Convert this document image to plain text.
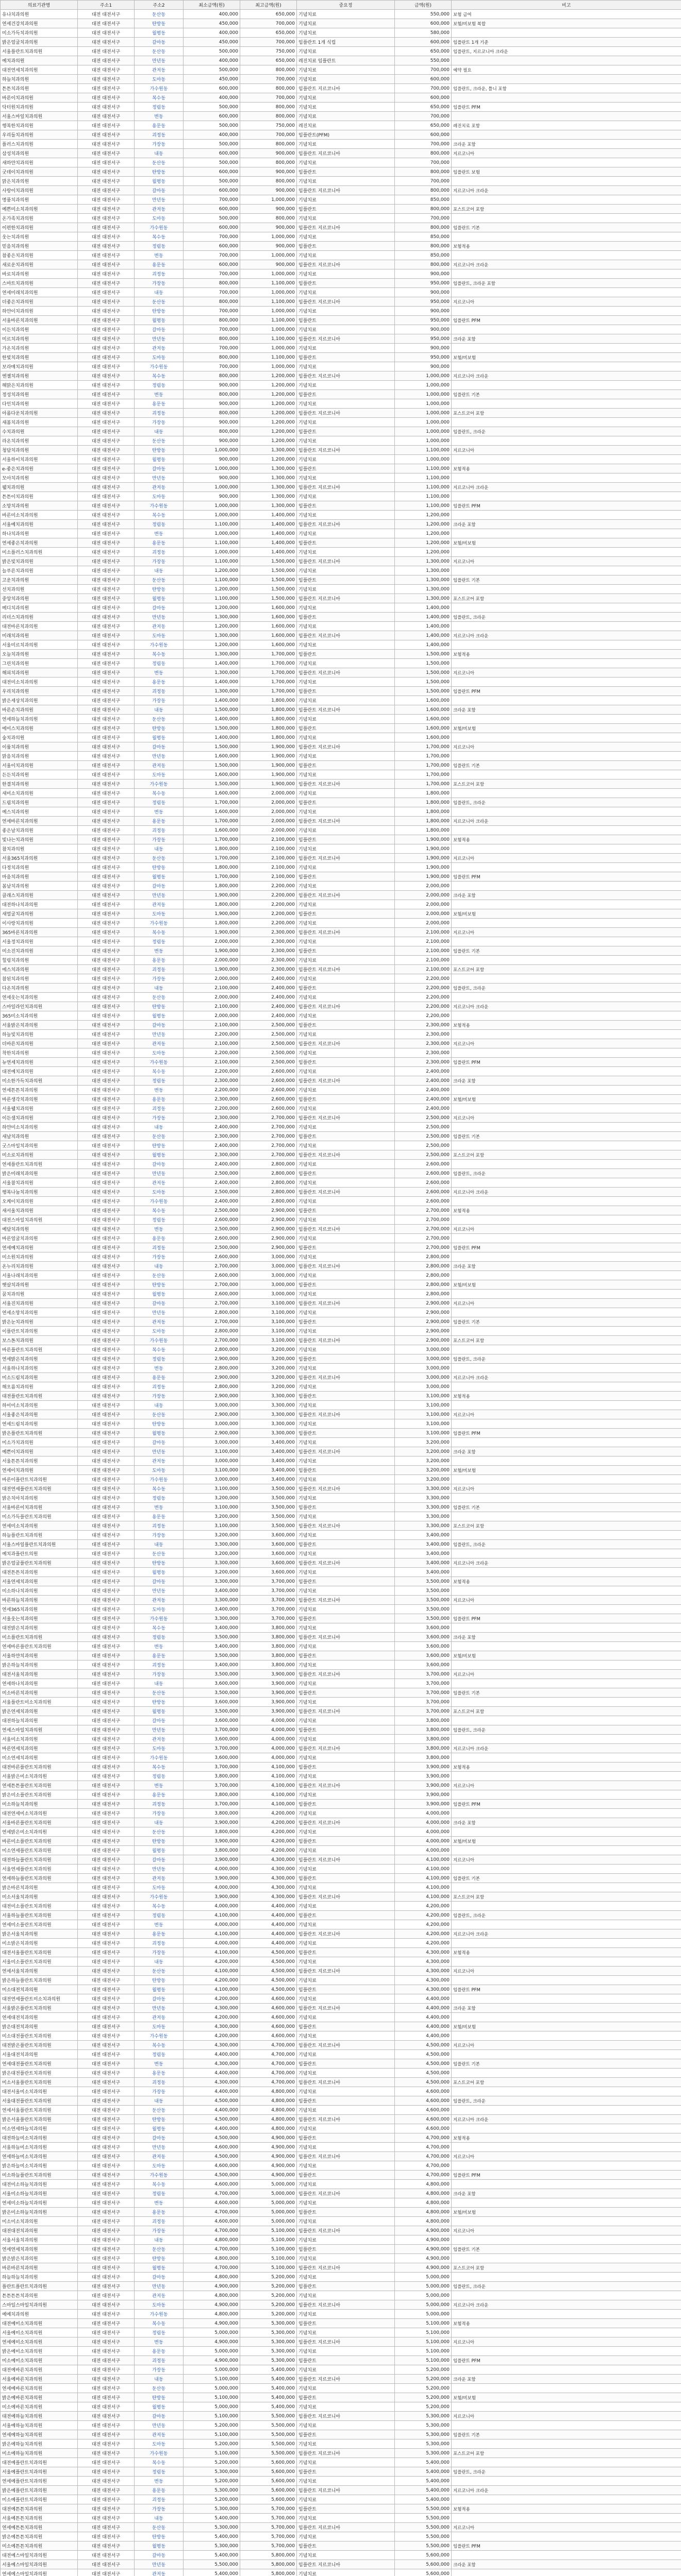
의료기관명	주소1	주소2	최소금액(원)	최고금액(원)	중요정	금액(원)	비고
유나치과의원	대전 대전서구	둔산동	400,000	650,000	기념치료	550,000	보험 급여
연세건강치과의원	대전 대전서구	탄방동	450,000	700,000	기념치료	600,000	보험/비보험 복합
미소가득치과의원	대전 대전서구	월평동	400,000	650,000	기념치료	580,000	
밝은얼굴치과의원	대전 대전서구	갈마동	450,000	700,000	임플란트 1개 식립	600,000	임플란트 1개 기준
서울플란트치과의원	대전 대전서구	둔산동	500,000	750,000	기념치료	650,000	임플란트, 지르코니아 크라운
예치과의원	대전 대전서구	만년동	400,000	650,000	레진치료 임플란트	550,000	
대전연세치과의원	대전 대전서구	관저동	500,000	800,000	기념치료	700,000	예약 필요
하늘치과의원	대전 대전서구	도마동	450,000	700,000	기념치료	600,000	
튼튼치과의원	대전 대전서구	가수원동	600,000	800,000	임플란트 지르코니아	700,000	임플란트, 크라운, 틀니 포함
바른이치과의원	대전 대전서구	복수동	400,000	700,000	기념치료	600,000	
닥터원치과의원	대전 대전서구	정림동	500,000	800,000	기념치료	650,000	임플란트 PFM
서울스마일치과의원	대전 대전서구	변동	600,000	800,000	기념치료	700,000	
행복한치과의원	대전 대전서구	용문동	500,000	750,000	레진치료	650,000	레진치료 포함
우리들치과의원	대전 대전서구	괴정동	400,000	700,000	임플란트(PFM)	600,000	
플러스치과의원	대전 대전서구	가장동	500,000	800,000	기념치료	700,000	크라운 포함
삼성치과의원	대전 대전서구	내동	600,000	900,000	임플란트 지르코니아	800,000	지르코니아
새하얀치과의원	대전 대전서구	둔산동	500,000	800,000	기념치료	700,000	
굿데이치과의원	대전 대전서구	탄방동	600,000	900,000	임플란트	800,000	임플란트 보험
맑은치과의원	대전 대전서구	월평동	500,000	800,000	기념치료	700,000	
사랑이치과의원	대전 대전서구	갈마동	600,000	900,000	임플란트 지르코니아	800,000	지르코니아 크라운
명품치과의원	대전 대전서구	만년동	700,000	1,000,000	기념치료	850,000	
예쁜미소치과의원	대전 대전서구	관저동	600,000	900,000	임플란트	800,000	포스트코어 포함
온가족치과의원	대전 대전서구	도마동	500,000	800,000	기념치료	700,000	
이편한치과의원	대전 대전서구	가수원동	600,000	900,000	임플란트 지르코니아	800,000	임플란트 기본
웃는치과의원	대전 대전서구	복수동	700,000	1,000,000	기념치료	850,000	
믿음치과의원	대전 대전서구	정림동	600,000	900,000	임플란트	800,000	보험적용
참좋은치과의원	대전 대전서구	변동	700,000	1,000,000	기념치료	850,000	
새로운치과의원	대전 대전서구	용문동	600,000	900,000	임플란트 지르코니아	800,000	지르코니아 크라운
바로치과의원	대전 대전서구	괴정동	700,000	1,000,000	기념치료	900,000	
스마트치과의원	대전 대전서구	가장동	800,000	1,100,000	임플란트	950,000	임플란트, 크라운 포함
연세미래치과의원	대전 대전서구	내동	700,000	1,000,000	기념치료	900,000	
더좋은치과의원	대전 대전서구	둔산동	800,000	1,100,000	임플란트 지르코니아	950,000	지르코니아
하얀이치과의원	대전 대전서구	탄방동	700,000	1,000,000	기념치료	900,000	
서울바른치과의원	대전 대전서구	월평동	800,000	1,100,000	임플란트	950,000	임플란트 PFM
이든치과의원	대전 대전서구	갈마동	700,000	1,000,000	기념치료	900,000	
미르치과의원	대전 대전서구	만년동	800,000	1,100,000	임플란트 지르코니아	950,000	크라운 포함
가온치과의원	대전 대전서구	관저동	700,000	1,000,000	기념치료	900,000	
한빛치과의원	대전 대전서구	도마동	800,000	1,100,000	임플란트	950,000	보험/비보험
보라매치과의원	대전 대전서구	가수원동	700,000	1,000,000	기념치료	900,000	
엔젤치과의원	대전 대전서구	복수동	800,000	1,200,000	임플란트 지르코니아	1,000,000	지르코니아 크라운
해맑은치과의원	대전 대전서구	정림동	900,000	1,200,000	기념치료	1,000,000	
정성치과의원	대전 대전서구	변동	800,000	1,200,000	임플란트	1,000,000	임플란트 기본
다인치과의원	대전 대전서구	용문동	900,000	1,200,000	기념치료	1,000,000	
아름다운치과의원	대전 대전서구	괴정동	800,000	1,200,000	임플란트 지르코니아	1,000,000	포스트코어 포함
새봄치과의원	대전 대전서구	가장동	900,000	1,200,000	기념치료	1,000,000	
수치과의원	대전 대전서구	내동	800,000	1,200,000	임플란트	1,000,000	임플란트, 크라운
라온치과의원	대전 대전서구	둔산동	900,000	1,200,000	기념치료	1,000,000	
청담치과의원	대전 대전서구	탄방동	1,000,000	1,300,000	임플란트 지르코니아	1,100,000	지르코니아
서울하이치과의원	대전 대전서구	월평동	900,000	1,200,000	기념치료	1,000,000	
e-좋은치과의원	대전 대전서구	갈마동	1,000,000	1,300,000	임플란트	1,100,000	보험적용
모아치과의원	대전 대전서구	만년동	900,000	1,300,000	기념치료	1,100,000	
웰치과의원	대전 대전서구	관저동	1,000,000	1,300,000	임플란트 지르코니아	1,100,000	지르코니아 크라운
튼튼이치과의원	대전 대전서구	도마동	900,000	1,300,000	기념치료	1,100,000	
소망치과의원	대전 대전서구	가수원동	1,000,000	1,300,000	임플란트	1,100,000	임플란트 PFM
바른미소치과의원	대전 대전서구	복수동	1,000,000	1,400,000	기념치료	1,200,000	
서울예치과의원	대전 대전서구	정림동	1,100,000	1,400,000	임플란트 지르코니아	1,200,000	크라운 포함
하나치과의원	대전 대전서구	변동	1,000,000	1,400,000	기념치료	1,200,000	
연세좋은치과의원	대전 대전서구	용문동	1,100,000	1,400,000	임플란트	1,200,000	보험/비보험
미소플러스치과의원	대전 대전서구	괴정동	1,000,000	1,400,000	기념치료	1,200,000	
밝은빛치과의원	대전 대전서구	가장동	1,100,000	1,500,000	임플란트 지르코니아	1,300,000	지르코니아
늘푸른치과의원	대전 대전서구	내동	1,200,000	1,500,000	기념치료	1,300,000	
고운치과의원	대전 대전서구	둔산동	1,100,000	1,500,000	임플란트	1,300,000	임플란트 기본
선치과의원	대전 대전서구	탄방동	1,200,000	1,500,000	기념치료	1,300,000	
중앙치과의원	대전 대전서구	월평동	1,100,000	1,500,000	임플란트 지르코니아	1,300,000	포스트코어 포함
메디치과의원	대전 대전서구	갈마동	1,200,000	1,600,000	기념치료	1,400,000	
리더스치과의원	대전 대전서구	만년동	1,300,000	1,600,000	임플란트	1,400,000	임플란트, 크라운
대전바른치과의원	대전 대전서구	관저동	1,200,000	1,600,000	기념치료	1,400,000	
미래치과의원	대전 대전서구	도마동	1,300,000	1,600,000	임플란트 지르코니아	1,400,000	지르코니아 크라운
서울미르치과의원	대전 대전서구	가수원동	1,200,000	1,600,000	기념치료	1,400,000	
오늘치과의원	대전 대전서구	복수동	1,300,000	1,700,000	임플란트	1,500,000	보험적용
그린치과의원	대전 대전서구	정림동	1,400,000	1,700,000	기념치료	1,500,000	
해피치과의원	대전 대전서구	변동	1,300,000	1,700,000	임플란트 지르코니아	1,500,000	지르코니아
대전미소치과의원	대전 대전서구	용문동	1,400,000	1,700,000	기념치료	1,500,000	
우리치과의원	대전 대전서구	괴정동	1,300,000	1,700,000	임플란트	1,500,000	임플란트 PFM
밝은세상치과의원	대전 대전서구	가장동	1,400,000	1,800,000	기념치료	1,600,000	
바른손치과의원	대전 대전서구	내동	1,500,000	1,800,000	임플란트 지르코니아	1,600,000	크라운 포함
연세하늘치과의원	대전 대전서구	둔산동	1,400,000	1,800,000	기념치료	1,600,000	
에이스치과의원	대전 대전서구	탄방동	1,500,000	1,800,000	임플란트	1,600,000	보험/비보험
숲치과의원	대전 대전서구	월평동	1,400,000	1,800,000	기념치료	1,600,000	
이룸치과의원	대전 대전서구	갈마동	1,500,000	1,900,000	임플란트 지르코니아	1,700,000	지르코니아
맑음치과의원	대전 대전서구	만년동	1,600,000	1,900,000	기념치료	1,700,000	
서울이치과의원	대전 대전서구	관저동	1,500,000	1,900,000	임플란트	1,700,000	임플란트 기본
든든치과의원	대전 대전서구	도마동	1,600,000	1,900,000	기념치료	1,700,000	
한결치과의원	대전 대전서구	가수원동	1,500,000	1,900,000	임플란트 지르코니아	1,700,000	포스트코어 포함
새미소치과의원	대전 대전서구	복수동	1,600,000	2,000,000	기념치료	1,800,000	
드림치과의원	대전 대전서구	정림동	1,700,000	2,000,000	임플란트	1,800,000	임플란트, 크라운
예스치과의원	대전 대전서구	변동	1,600,000	2,000,000	기념치료	1,800,000	
연세바른치과의원	대전 대전서구	용문동	1,700,000	2,000,000	임플란트 지르코니아	1,800,000	지르코니아 크라운
좋은날치과의원	대전 대전서구	괴정동	1,600,000	2,000,000	기념치료	1,800,000	
빛나는치과의원	대전 대전서구	가장동	1,700,000	2,100,000	임플란트	1,900,000	보험적용
참치과의원	대전 대전서구	내동	1,800,000	2,100,000	기념치료	1,900,000	
서울365치과의원	대전 대전서구	둔산동	1,700,000	2,100,000	임플란트 지르코니아	1,900,000	지르코니아
다정치과의원	대전 대전서구	탄방동	1,800,000	2,100,000	기념치료	1,900,000	
마음치과의원	대전 대전서구	월평동	1,700,000	2,100,000	임플란트	1,900,000	임플란트 PFM
봄날치과의원	대전 대전서구	갈마동	1,800,000	2,200,000	기념치료	2,000,000	
클래스치과의원	대전 대전서구	만년동	1,900,000	2,200,000	임플란트 지르코니아	2,000,000	크라운 포함
대전하나치과의원	대전 대전서구	관저동	1,800,000	2,200,000	기념치료	2,000,000	
새얼굴치과의원	대전 대전서구	도마동	1,900,000	2,200,000	임플란트	2,000,000	보험/비보험
이사랑치과의원	대전 대전서구	가수원동	1,800,000	2,200,000	기념치료	2,000,000	
365바른치과의원	대전 대전서구	복수동	1,900,000	2,300,000	임플란트 지르코니아	2,100,000	지르코니아
서울정치과의원	대전 대전서구	정림동	2,000,000	2,300,000	기념치료	2,100,000	
미소진치과의원	대전 대전서구	변동	1,900,000	2,300,000	임플란트	2,100,000	임플란트 기본
힐링치과의원	대전 대전서구	용문동	2,000,000	2,300,000	기념치료	2,100,000	
에스치과의원	대전 대전서구	괴정동	1,900,000	2,300,000	임플란트 지르코니아	2,100,000	포스트코어 포함
참된치과의원	대전 대전서구	가장동	2,000,000	2,400,000	기념치료	2,200,000	
다온치과의원	대전 대전서구	내동	2,100,000	2,400,000	임플란트	2,200,000	임플란트, 크라운
연세웃는치과의원	대전 대전서구	둔산동	2,000,000	2,400,000	기념치료	2,200,000	
스마일라인치과의원	대전 대전서구	탄방동	2,100,000	2,400,000	임플란트 지르코니아	2,200,000	지르코니아 크라운
365미소치과의원	대전 대전서구	월평동	2,000,000	2,400,000	기념치료	2,200,000	
서울밝은치과의원	대전 대전서구	갈마동	2,100,000	2,500,000	임플란트	2,300,000	보험적용
하늘빛치과의원	대전 대전서구	만년동	2,200,000	2,500,000	기념치료	2,300,000	
더바른치과의원	대전 대전서구	관저동	2,100,000	2,500,000	임플란트 지르코니아	2,300,000	지르코니아
착한치과의원	대전 대전서구	도마동	2,200,000	2,500,000	기념치료	2,300,000	
뉴연세치과의원	대전 대전서구	가수원동	2,100,000	2,500,000	임플란트	2,300,000	임플란트 PFM
대전예치과의원	대전 대전서구	복수동	2,200,000	2,600,000	기념치료	2,400,000	
미소한가득치과의원	대전 대전서구	정림동	2,300,000	2,600,000	임플란트 지르코니아	2,400,000	크라운 포함
연세튼튼치과의원	대전 대전서구	변동	2,200,000	2,600,000	기념치료	2,400,000	
바른생각치과의원	대전 대전서구	용문동	2,300,000	2,600,000	임플란트	2,400,000	보험/비보험
서울웰치과의원	대전 대전서구	괴정동	2,200,000	2,600,000	기념치료	2,400,000	
이든샘치과의원	대전 대전서구	가장동	2,300,000	2,700,000	임플란트 지르코니아	2,500,000	지르코니아
하얀미소치과의원	대전 대전서구	내동	2,400,000	2,700,000	기념치료	2,500,000	
새날치과의원	대전 대전서구	둔산동	2,300,000	2,700,000	임플란트	2,500,000	임플란트 기본
굿스마일치과의원	대전 대전서구	탄방동	2,400,000	2,700,000	기념치료	2,500,000	
미소로치과의원	대전 대전서구	월평동	2,300,000	2,700,000	임플란트 지르코니아	2,500,000	포스트코어 포함
연세플란트치과의원	대전 대전서구	갈마동	2,400,000	2,800,000	기념치료	2,600,000	
밝은미래치과의원	대전 대전서구	만년동	2,500,000	2,800,000	임플란트	2,600,000	임플란트, 크라운
서울참치과의원	대전 대전서구	관저동	2,400,000	2,800,000	기념치료	2,600,000	
행복나눔치과의원	대전 대전서구	도마동	2,500,000	2,800,000	임플란트 지르코니아	2,600,000	지르코니아 크라운
오케이치과의원	대전 대전서구	가수원동	2,400,000	2,800,000	기념치료	2,600,000	
새서울치과의원	대전 대전서구	복수동	2,500,000	2,900,000	임플란트	2,700,000	보험적용
대전스마일치과의원	대전 대전서구	정림동	2,600,000	2,900,000	기념치료	2,700,000	
예담치과의원	대전 대전서구	변동	2,500,000	2,900,000	임플란트 지르코니아	2,700,000	지르코니아
바른얼굴치과의원	대전 대전서구	용문동	2,600,000	2,900,000	기념치료	2,700,000	
연세예치과의원	대전 대전서구	괴정동	2,500,000	2,900,000	임플란트	2,700,000	임플란트 PFM
미소원치과의원	대전 대전서구	가장동	2,600,000	3,000,000	기념치료	2,800,000	
온누리치과의원	대전 대전서구	내동	2,700,000	3,000,000	임플란트 지르코니아	2,800,000	크라운 포함
서울나래치과의원	대전 대전서구	둔산동	2,600,000	3,000,000	기념치료	2,800,000	
햇살치과의원	대전 대전서구	탄방동	2,700,000	3,000,000	임플란트	2,800,000	보험/비보험
꿈치과의원	대전 대전서구	월평동	2,600,000	3,000,000	기념치료	2,800,000	
서울진치과의원	대전 대전서구	갈마동	2,700,000	3,100,000	임플란트 지르코니아	2,900,000	지르코니아
연세소망치과의원	대전 대전서구	만년동	2,800,000	3,100,000	기념치료	2,900,000	
밝은눈치과의원	대전 대전서구	관저동	2,700,000	3,100,000	임플란트	2,900,000	임플란트 기본
이플란트치과의원	대전 대전서구	도마동	2,800,000	3,100,000	기념치료	2,900,000	
보스톤치과의원	대전 대전서구	가수원동	2,700,000	3,100,000	임플란트 지르코니아	2,900,000	포스트코어 포함
바른플란트치과의원	대전 대전서구	복수동	2,800,000	3,200,000	기념치료	3,000,000	
연세밝은치과의원	대전 대전서구	정림동	2,900,000	3,200,000	임플란트	3,000,000	임플란트, 크라운
서울하나치과의원	대전 대전서구	변동	2,800,000	3,200,000	기념치료	3,000,000	
미소드림치과의원	대전 대전서구	용문동	2,900,000	3,200,000	임플란트 지르코니아	3,000,000	지르코니아 크라운
해오름치과의원	대전 대전서구	괴정동	2,800,000	3,200,000	기념치료	3,000,000	
대전플란트치과의원	대전 대전서구	가장동	2,900,000	3,300,000	임플란트	3,100,000	보험적용
하이미소치과의원	대전 대전서구	내동	3,000,000	3,300,000	기념치료	3,100,000	
서울좋은치과의원	대전 대전서구	둔산동	2,900,000	3,300,000	임플란트 지르코니아	3,100,000	지르코니아
연세드림치과의원	대전 대전서구	탄방동	3,000,000	3,300,000	기념치료	3,100,000	
밝은플란트치과의원	대전 대전서구	월평동	2,900,000	3,300,000	임플란트	3,100,000	임플란트 PFM
미소가치과의원	대전 대전서구	갈마동	3,000,000	3,400,000	기념치료	3,200,000	
예쁜이치과의원	대전 대전서구	만년동	3,100,000	3,400,000	임플란트 지르코니아	3,200,000	크라운 포함
서울튼튼치과의원	대전 대전서구	관저동	3,000,000	3,400,000	기념치료	3,200,000	
연세이치과의원	대전 대전서구	도마동	3,100,000	3,400,000	임플란트	3,200,000	보험/비보험
바른이플란트치과의원	대전 대전서구	가수원동	3,000,000	3,400,000	기념치료	3,200,000	
대전연세플란트치과의원	대전 대전서구	복수동	3,100,000	3,500,000	임플란트 지르코니아	3,300,000	지르코니아
밝은치아치과의원	대전 대전서구	정림동	3,200,000	3,500,000	기념치료	3,300,000	
서울바른이치과의원	대전 대전서구	변동	3,100,000	3,500,000	임플란트	3,300,000	임플란트 기본
미소가득플란트치과의원	대전 대전서구	용문동	3,200,000	3,500,000	기념치료	3,300,000	
연세미소치과의원	대전 대전서구	괴정동	3,100,000	3,500,000	임플란트 지르코니아	3,300,000	포스트코어 포함
하늘플란트치과의원	대전 대전서구	가장동	3,200,000	3,600,000	기념치료	3,400,000	
서울스마일플란트치과의원	대전 대전서구	내동	3,300,000	3,600,000	임플란트	3,400,000	임플란트, 크라운
예치과플란트의원	대전 대전서구	둔산동	3,200,000	3,600,000	기념치료	3,400,000	
밝은얼굴플란트치과의원	대전 대전서구	탄방동	3,300,000	3,600,000	임플란트 지르코니아	3,400,000	지르코니아 크라운
대전튼튼치과의원	대전 대전서구	월평동	3,200,000	3,600,000	기념치료	3,400,000	
서울연세치과의원	대전 대전서구	갈마동	3,300,000	3,700,000	임플란트	3,500,000	보험적용
미소하나치과의원	대전 대전서구	만년동	3,400,000	3,700,000	기념치료	3,500,000	
바른하늘치과의원	대전 대전서구	관저동	3,300,000	3,700,000	임플란트 지르코니아	3,500,000	지르코니아
연세365치과의원	대전 대전서구	도마동	3,400,000	3,700,000	기념치료	3,500,000	
서울웃는치과의원	대전 대전서구	가수원동	3,300,000	3,700,000	임플란트	3,500,000	임플란트 PFM
대전밝은치과의원	대전 대전서구	복수동	3,400,000	3,800,000	기념치료	3,600,000	
미소플란트치과의원	대전 대전서구	정림동	3,500,000	3,800,000	임플란트 지르코니아	3,600,000	크라운 포함
연세바른플란트치과의원	대전 대전서구	변동	3,400,000	3,800,000	기념치료	3,600,000	
서울하얀치과의원	대전 대전서구	용문동	3,500,000	3,800,000	임플란트	3,600,000	보험/비보험
밝은하늘치과의원	대전 대전서구	괴정동	3,400,000	3,800,000	기념치료	3,600,000	
대전서울치과의원	대전 대전서구	가장동	3,500,000	3,900,000	임플란트 지르코니아	3,700,000	지르코니아
연세하나치과의원	대전 대전서구	내동	3,600,000	3,900,000	기념치료	3,700,000	
미소바른치과의원	대전 대전서구	둔산동	3,500,000	3,900,000	임플란트	3,700,000	임플란트 기본
서울플란트미소치과의원	대전 대전서구	탄방동	3,600,000	3,900,000	기념치료	3,700,000	
밝은연세치과의원	대전 대전서구	월평동	3,500,000	3,900,000	임플란트 지르코니아	3,700,000	포스트코어 포함
대전하늘치과의원	대전 대전서구	갈마동	3,600,000	4,000,000	기념치료	3,800,000	
연세스마일치과의원	대전 대전서구	만년동	3,700,000	4,000,000	임플란트	3,800,000	임플란트, 크라운
서울미소치과의원	대전 대전서구	관저동	3,600,000	4,000,000	기념치료	3,800,000	
바른연세치과의원	대전 대전서구	도마동	3,700,000	4,000,000	임플란트 지르코니아	3,800,000	지르코니아 크라운
미소연세치과의원	대전 대전서구	가수원동	3,600,000	4,000,000	기념치료	3,800,000	
대전바른플란트치과의원	대전 대전서구	복수동	3,700,000	4,100,000	임플란트	3,900,000	보험적용
서울밝은미소치과의원	대전 대전서구	정림동	3,800,000	4,100,000	기념치료	3,900,000	
연세튼튼플란트치과의원	대전 대전서구	변동	3,700,000	4,100,000	임플란트 지르코니아	3,900,000	지르코니아
밝은미소플란트치과의원	대전 대전서구	용문동	3,800,000	4,100,000	기념치료	3,900,000	
미소하늘치과의원	대전 대전서구	괴정동	3,700,000	4,100,000	임플란트	3,900,000	임플란트 PFM
대전연세미소치과의원	대전 대전서구	가장동	3,800,000	4,200,000	기념치료	4,000,000	
서울바른플란트치과의원	대전 대전서구	내동	3,900,000	4,200,000	임플란트 지르코니아	4,000,000	크라운 포함
연세밝은미소치과의원	대전 대전서구	둔산동	3,800,000	4,200,000	기념치료	4,000,000	
바른미소플란트치과의원	대전 대전서구	탄방동	3,900,000	4,200,000	임플란트	4,000,000	보험/비보험
미소연세플란트치과의원	대전 대전서구	월평동	3,800,000	4,200,000	기념치료	4,000,000	
대전하늘플란트치과의원	대전 대전서구	갈마동	3,900,000	4,300,000	임플란트 지르코니아	4,100,000	지르코니아
서울연세플란트치과의원	대전 대전서구	만년동	4,000,000	4,300,000	기념치료	4,100,000	
연세하늘플란트치과의원	대전 대전서구	관저동	3,900,000	4,300,000	임플란트	4,100,000	임플란트 기본
밝은바른치과의원	대전 대전서구	도마동	4,000,000	4,300,000	기념치료	4,100,000	
미소서울치과의원	대전 대전서구	가수원동	3,900,000	4,300,000	임플란트 지르코니아	4,100,000	포스트코어 포함
대전미소플란트치과의원	대전 대전서구	복수동	4,000,000	4,400,000	기념치료	4,200,000	
서울하늘플란트치과의원	대전 대전서구	정림동	4,100,000	4,400,000	임플란트	4,200,000	임플란트, 크라운
연세미소플란트치과의원	대전 대전서구	변동	4,000,000	4,400,000	기념치료	4,200,000	
밝은서울치과의원	대전 대전서구	용문동	4,100,000	4,400,000	임플란트 지르코니아	4,200,000	지르코니아 크라운
미소밝은치과의원	대전 대전서구	괴정동	4,000,000	4,400,000	기념치료	4,200,000	
대전서울플란트치과의원	대전 대전서구	가장동	4,100,000	4,500,000	임플란트	4,300,000	보험적용
서울미소플란트치과의원	대전 대전서구	내동	4,200,000	4,500,000	기념치료	4,300,000	
연세서울치과의원	대전 대전서구	둔산동	4,100,000	4,500,000	임플란트 지르코니아	4,300,000	지르코니아
밝은하늘플란트치과의원	대전 대전서구	탄방동	4,200,000	4,500,000	기념치료	4,300,000	
미소대전치과의원	대전 대전서구	월평동	4,100,000	4,500,000	임플란트	4,300,000	임플란트 PFM
대전연세플란트미소치과의원	대전 대전서구	갈마동	4,200,000	4,600,000	기념치료	4,400,000	
서울밝은플란트치과의원	대전 대전서구	만년동	4,300,000	4,600,000	임플란트 지르코니아	4,400,000	크라운 포함
연세대전치과의원	대전 대전서구	관저동	4,200,000	4,600,000	기념치료	4,400,000	
밝은대전치과의원	대전 대전서구	도마동	4,300,000	4,600,000	임플란트	4,400,000	보험/비보험
미소대전플란트치과의원	대전 대전서구	가수원동	4,200,000	4,600,000	기념치료	4,400,000	
대전밝은플란트치과의원	대전 대전서구	복수동	4,300,000	4,700,000	임플란트 지르코니아	4,500,000	지르코니아
서울대전치과의원	대전 대전서구	정림동	4,400,000	4,700,000	기념치료	4,500,000	
연세대전플란트치과의원	대전 대전서구	변동	4,300,000	4,700,000	임플란트	4,500,000	임플란트 기본
밝은대전플란트치과의원	대전 대전서구	용문동	4,400,000	4,700,000	기념치료	4,500,000	
미소서울플란트치과의원	대전 대전서구	괴정동	4,300,000	4,700,000	임플란트 지르코니아	4,500,000	포스트코어 포함
대전서울미소치과의원	대전 대전서구	가장동	4,400,000	4,800,000	기념치료	4,600,000	
서울대전플란트치과의원	대전 대전서구	내동	4,500,000	4,800,000	임플란트	4,600,000	임플란트, 크라운
연세서울플란트치과의원	대전 대전서구	둔산동	4,400,000	4,800,000	기념치료	4,600,000	
밝은서울플란트치과의원	대전 대전서구	탄방동	4,500,000	4,800,000	임플란트 지르코니아	4,600,000	지르코니아 크라운
미소연세하늘치과의원	대전 대전서구	월평동	4,400,000	4,800,000	기념치료	4,600,000	
대전하늘미소치과의원	대전 대전서구	갈마동	4,500,000	4,900,000	임플란트	4,700,000	보험적용
서울하늘미소치과의원	대전 대전서구	만년동	4,600,000	4,900,000	기념치료	4,700,000	
연세하늘미소치과의원	대전 대전서구	관저동	4,500,000	4,900,000	임플란트 지르코니아	4,700,000	지르코니아
밝은하늘미소치과의원	대전 대전서구	도마동	4,600,000	4,900,000	기념치료	4,700,000	
미소하늘플란트치과의원	대전 대전서구	가수원동	4,500,000	4,900,000	임플란트	4,700,000	임플란트 PFM
대전미소하늘치과의원	대전 대전서구	복수동	4,600,000	5,000,000	기념치료	4,800,000	
서울미소하늘치과의원	대전 대전서구	정림동	4,700,000	5,000,000	임플란트 지르코니아	4,800,000	크라운 포함
연세미소하늘치과의원	대전 대전서구	변동	4,600,000	5,000,000	기념치료	4,800,000	
밝은미소하늘치과의원	대전 대전서구	용문동	4,700,000	5,000,000	임플란트	4,800,000	보험/비보험
미소미소치과의원	대전 대전서구	괴정동	4,600,000	5,000,000	기념치료	4,800,000	
대전대전치과의원	대전 대전서구	가장동	4,700,000	5,100,000	임플란트 지르코니아	4,900,000	지르코니아
서울서울치과의원	대전 대전서구	내동	4,800,000	5,100,000	기념치료	4,900,000	
연세연세치과의원	대전 대전서구	둔산동	4,700,000	5,100,000	임플란트	4,900,000	임플란트 기본
밝은밝은치과의원	대전 대전서구	탄방동	4,800,000	5,100,000	기념치료	4,900,000	
바른바른치과의원	대전 대전서구	월평동	4,700,000	5,100,000	임플란트 지르코니아	4,900,000	포스트코어 포함
하늘하늘치과의원	대전 대전서구	갈마동	4,800,000	5,200,000	기념치료	5,000,000	
플란트플란트치과의원	대전 대전서구	만년동	4,900,000	5,200,000	임플란트	5,000,000	임플란트, 크라운
튼튼튼튼치과의원	대전 대전서구	관저동	4,800,000	5,200,000	기념치료	5,000,000	
스마일스마일치과의원	대전 대전서구	도마동	4,900,000	5,200,000	임플란트 지르코니아	5,000,000	지르코니아 크라운
예예치과의원	대전 대전서구	가수원동	4,800,000	5,200,000	기념치료	5,000,000	
대전예미소치과의원	대전 대전서구	복수동	4,900,000	5,300,000	임플란트	5,100,000	보험적용
서울예미소치과의원	대전 대전서구	정림동	5,000,000	5,300,000	기념치료	5,100,000	
연세예미소치과의원	대전 대전서구	변동	4,900,000	5,300,000	임플란트 지르코니아	5,100,000	지르코니아
밝은예미소치과의원	대전 대전서구	용문동	5,000,000	5,300,000	기념치료	5,100,000	
미소예미소치과의원	대전 대전서구	괴정동	4,900,000	5,300,000	임플란트	5,100,000	임플란트 PFM
대전예바른치과의원	대전 대전서구	가장동	5,000,000	5,400,000	기념치료	5,200,000	
서울예바른치과의원	대전 대전서구	내동	5,100,000	5,400,000	임플란트 지르코니아	5,200,000	크라운 포함
연세예바른치과의원	대전 대전서구	둔산동	5,000,000	5,400,000	기념치료	5,200,000	
밝은예바른치과의원	대전 대전서구	탄방동	5,100,000	5,400,000	임플란트	5,200,000	보험/비보험
미소예바른치과의원	대전 대전서구	월평동	5,000,000	5,400,000	기념치료	5,200,000	
대전예하늘치과의원	대전 대전서구	갈마동	5,100,000	5,500,000	임플란트 지르코니아	5,300,000	지르코니아
서울예하늘치과의원	대전 대전서구	만년동	5,200,000	5,500,000	기념치료	5,300,000	
연세예하늘치과의원	대전 대전서구	관저동	5,100,000	5,500,000	임플란트	5,300,000	임플란트 기본
밝은예하늘치과의원	대전 대전서구	도마동	5,200,000	5,500,000	기념치료	5,300,000	
미소예하늘치과의원	대전 대전서구	가수원동	5,100,000	5,500,000	임플란트 지르코니아	5,300,000	포스트코어 포함
대전예플란트치과의원	대전 대전서구	복수동	5,200,000	5,600,000	기념치료	5,400,000	
서울예플란트치과의원	대전 대전서구	정림동	5,300,000	5,600,000	임플란트	5,400,000	임플란트, 크라운
연세예플란트치과의원	대전 대전서구	변동	5,200,000	5,600,000	기념치료	5,400,000	
밝은예플란트치과의원	대전 대전서구	용문동	5,300,000	5,600,000	임플란트 지르코니아	5,400,000	지르코니아 크라운
미소예플란트치과의원	대전 대전서구	괴정동	5,200,000	5,600,000	기념치료	5,400,000	
대전예튼튼치과의원	대전 대전서구	가장동	5,300,000	5,700,000	임플란트	5,500,000	보험적용
서울예튼튼치과의원	대전 대전서구	내동	5,400,000	5,700,000	기념치료	5,500,000	
연세예튼튼치과의원	대전 대전서구	둔산동	5,300,000	5,700,000	임플란트 지르코니아	5,500,000	지르코니아
밝은예튼튼치과의원	대전 대전서구	탄방동	5,400,000	5,700,000	기념치료	5,500,000	
미소예튼튼치과의원	대전 대전서구	월평동	5,300,000	5,700,000	임플란트	5,500,000	임플란트 PFM
대전예스마일치과의원	대전 대전서구	갈마동	5,400,000	5,800,000	기념치료	5,600,000	
서울예스마일치과의원	대전 대전서구	만년동	5,500,000	5,800,000	임플란트 지르코니아	5,600,000	크라운 포함
연세예스마일치과의원	대전 대전서구	관저동	5,400,000	5,800,000	기념치료	5,600,000	
